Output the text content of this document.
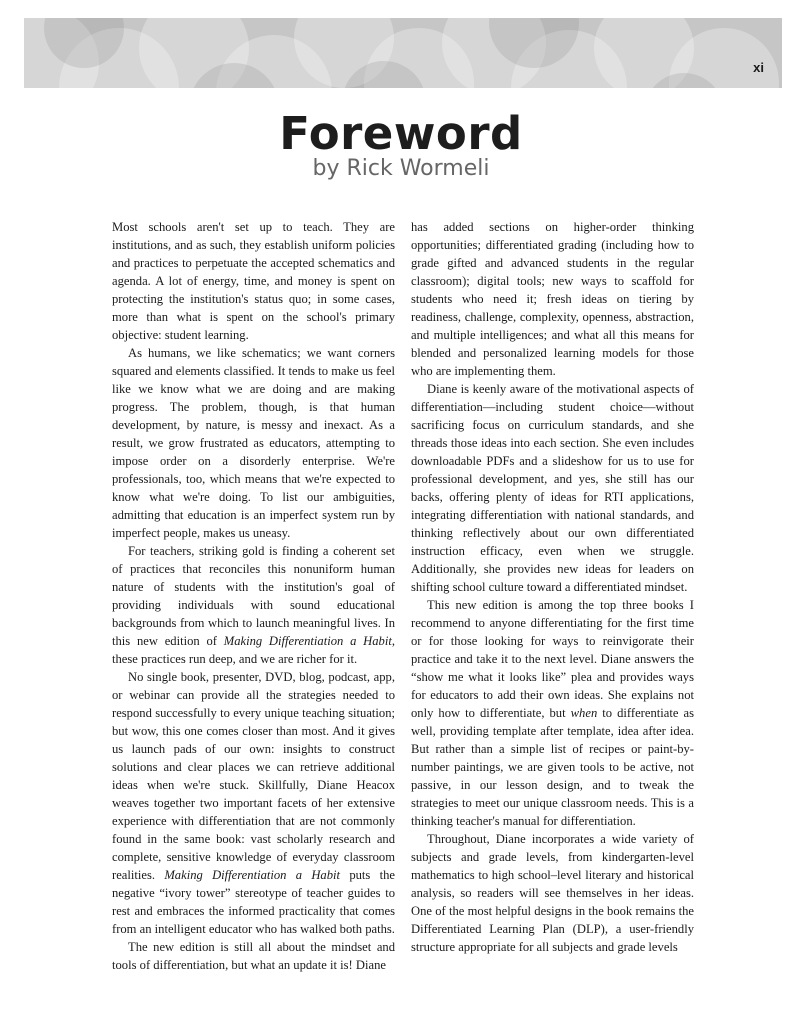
xi
Foreword
by Rick Wormeli

Most schools aren't set up to teach. They are institutions, and as such, they establish uniform policies and practices to perpetuate the accepted schematics and agenda. A lot of energy, time, and money is spent on protecting the institution's status quo; in some cases, more than what is spent on the school's primary objective: student learning.

As humans, we like schematics; we want corners squared and elements classified. It tends to make us feel like we know what we are doing and are making progress. The problem, though, is that human development, by nature, is messy and inexact. As a result, we grow frustrated as educators, attempting to impose order on a disorderly enterprise. We're professionals, too, which means that we're expected to know what we're doing. To list our ambiguities, admitting that education is an imperfect system run by imperfect people, makes us uneasy.

For teachers, striking gold is finding a coherent set of practices that reconciles this nonuniform human nature of students with the institution's goal of providing individuals with sound educational backgrounds from which to launch meaningful lives. In this new edition of Making Differentiation a Habit, these practices run deep, and we are richer for it.

No single book, presenter, DVD, blog, podcast, app, or webinar can provide all the strategies needed to respond successfully to every unique teaching situation; but wow, this one comes closer than most. And it gives us launch pads of our own: insights to construct solutions and clear places we can retrieve additional ideas when we're stuck. Skillfully, Diane Heacox weaves together two important facets of her extensive experience with differentiation that are not commonly found in the same book: vast scholarly research and complete, sensitive knowledge of everyday classroom realities. Making Differentiation a Habit puts the negative “ivory tower” stereotype of teacher guides to rest and embraces the informed practicality that comes from an intelligent educator who has walked both paths.

The new edition is still all about the mindset and tools of differentiation, but what an update it is! Diane

has added sections on higher-order thinking opportunities; differentiated grading (including how to grade gifted and advanced students in the regular classroom); digital tools; new ways to scaffold for students who need it; fresh ideas on tiering by readiness, challenge, complexity, openness, abstraction, and multiple intelligences; and what all this means for blended and personalized learning models for those who are implementing them.

Diane is keenly aware of the motivational aspects of differentiation—including student choice—without sacrificing focus on curriculum standards, and she threads those ideas into each section. She even includes downloadable PDFs and a slideshow for us to use for professional development, and yes, she still has our backs, offering plenty of ideas for RTI applications, integrating differentiation with national standards, and thinking reflectively about our own differentiated instruction efficacy, even when we struggle. Additionally, she provides new ideas for leaders on shifting school culture toward a differentiated mindset.

This new edition is among the top three books I recommend to anyone differentiating for the first time or for those looking for ways to reinvigorate their practice and take it to the next level. Diane answers the “show me what it looks like” plea and provides ways for educators to add their own ideas. She explains not only how to differentiate, but when to differentiate as well, providing template after template, idea after idea. But rather than a simple list of recipes or paint-by-number paintings, we are given tools to be active, not passive, in our lesson design, and to tweak the strategies to meet our unique classroom needs. This is a thinking teacher's manual for differentiation.

Throughout, Diane incorporates a wide variety of subjects and grade levels, from kindergarten-level mathematics to high school–level literary and historical analysis, so readers will see themselves in her ideas. One of the most helpful designs in the book remains the Differentiated Learning Plan (DLP), a user-friendly structure appropriate for all subjects and grade levels
